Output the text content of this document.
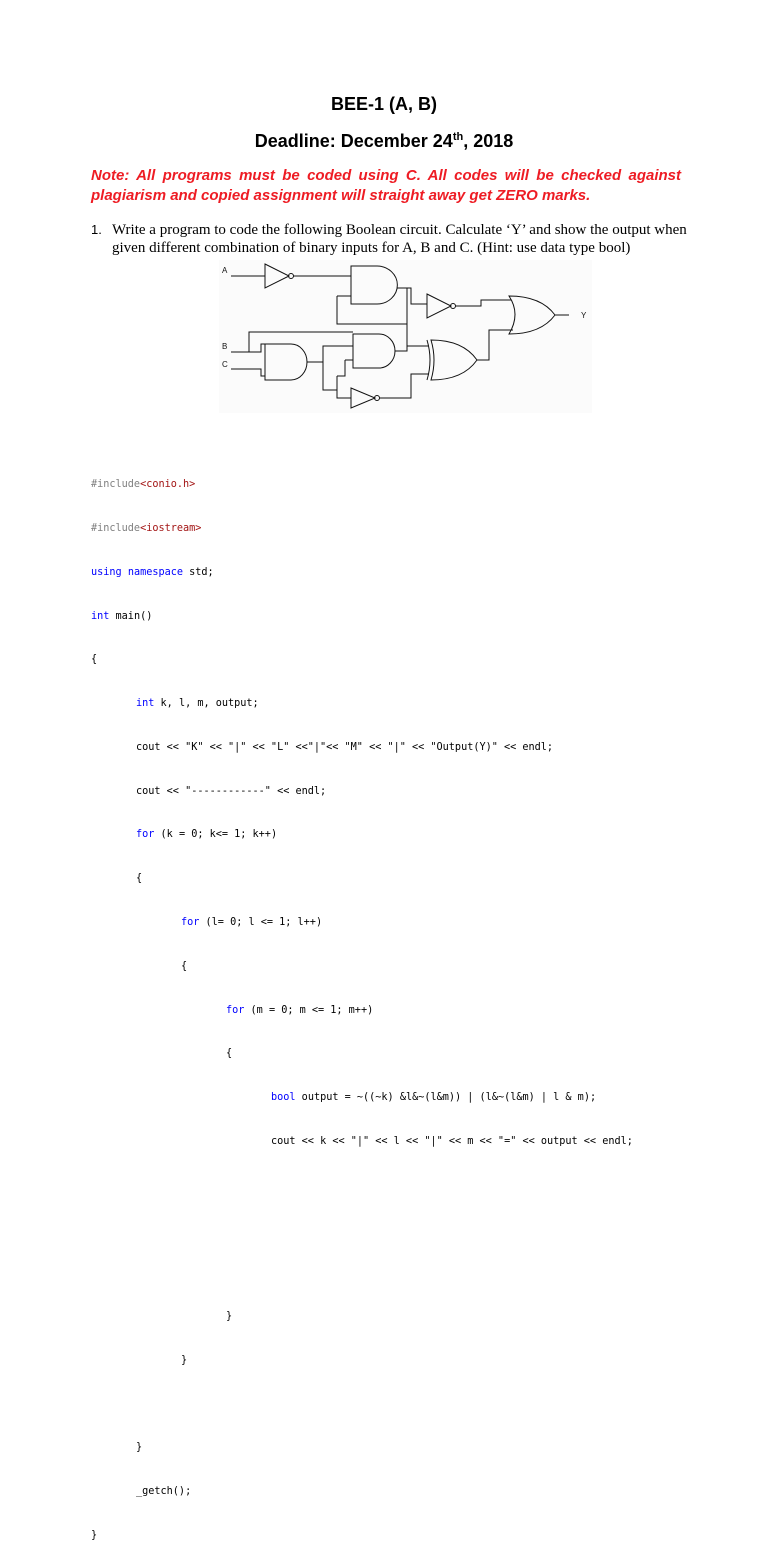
BEE-1 (A, B)
Deadline: December 24th, 2018
Note: All programs must be coded using C. All codes will be checked against plagiarism and copied assignment will straight away get ZERO marks.
1. Write a program to code the following Boolean circuit. Calculate ‘Y’ and show the output when given different combination of binary inputs for A, B and C. (Hint: use data type bool)
A
B
C
Y

#include<conio.h>

#include<iostream>

using namespace std;

int main()

{

int k, l, m, output;

cout << "K" << "|" << "L" <<"|"<< "M" << "|" << "Output(Y)" << endl;

cout << "------------" << endl;

for (k = 0; k<= 1; k++)

{

for (l= 0; l <= 1; l++)

{

for (m = 0; m <= 1; m++)

{

bool output = ~((~k) &l&~(l&m)) | (l&~(l&m) | l & m);

cout << k << "|" << l << "|" << m << "=" << output << endl;

}

}

}

_getch();

}
